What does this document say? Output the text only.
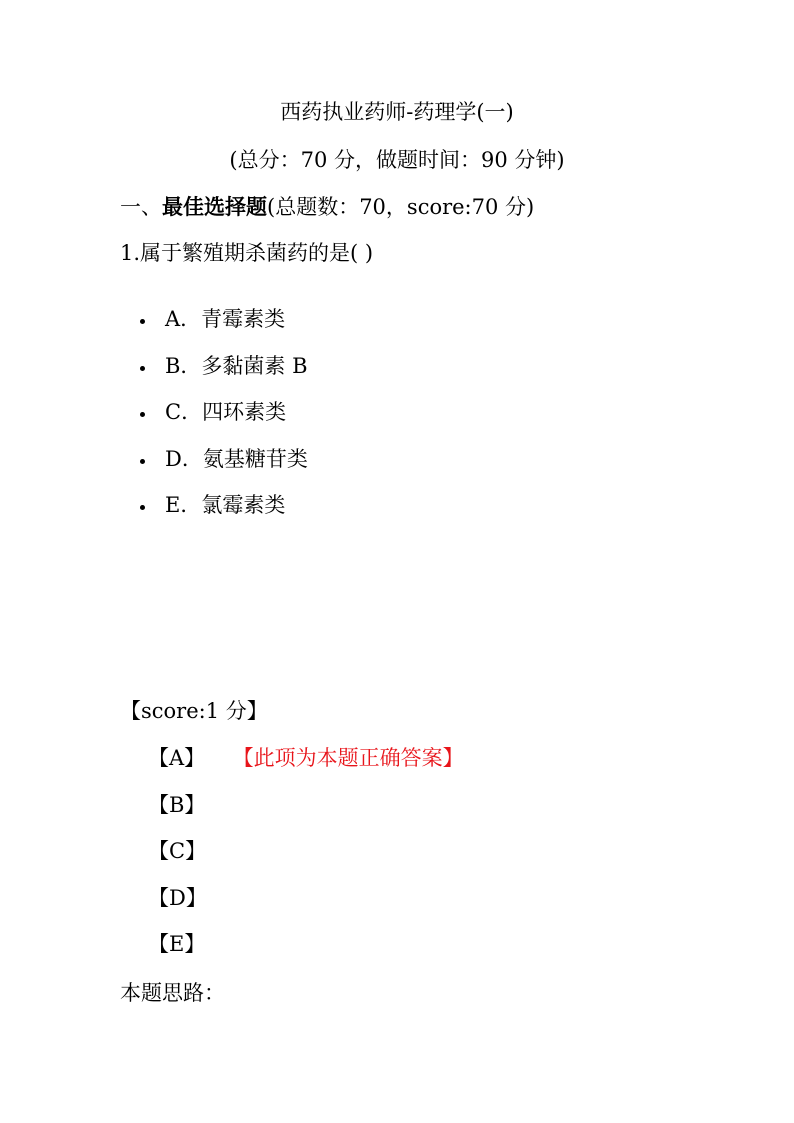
西药执业药师-药理学(一)
(总分：70 分，做题时间：90 分钟)
一、最佳选择题(总题数：70，score:70 分)
1.属于繁殖期杀菌药的是( )
A．青霉素类
B．多黏菌素 B
C．四环素类
D．氨基糖苷类
E．氯霉素类
【score:1 分】
【A】 【此项为本题正确答案】
【B】
【C】
【D】
【E】
本题思路：
